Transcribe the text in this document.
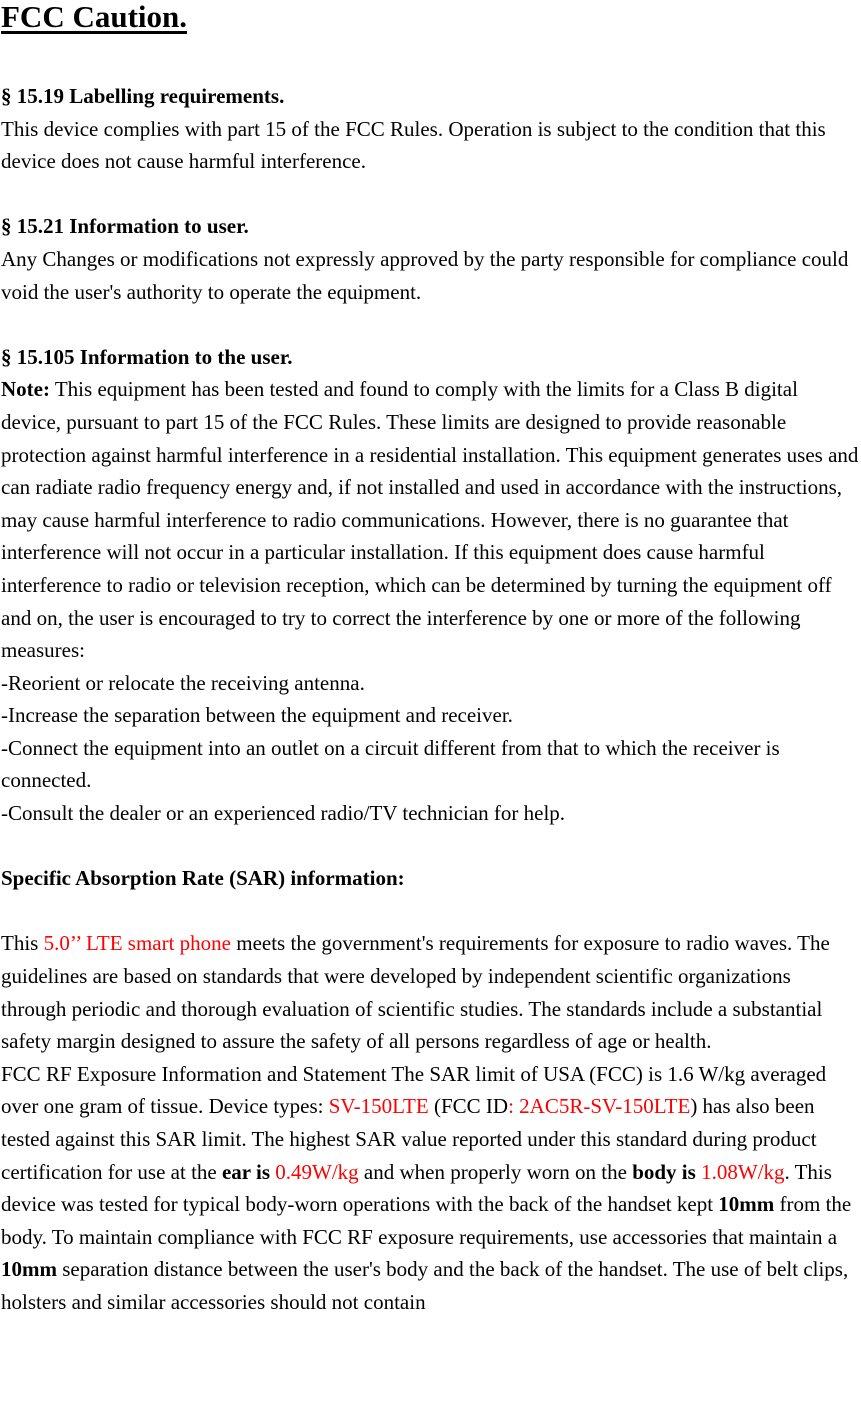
FCC Caution.

§ 15.19 Labelling requirements.

This device complies with part 15 of the FCC Rules. Operation is subject to the condition that this device does not cause harmful interference.

§ 15.21 Information to user.

Any Changes or modifications not expressly approved by the party responsible for compliance could void the user's authority to operate the equipment.

§ 15.105 Information to the user.

Note: This equipment has been tested and found to comply with the limits for a Class B digital device, pursuant to part 15 of the FCC Rules. These limits are designed to provide reasonable protection against harmful interference in a residential installation. This equipment generates uses and can radiate radio frequency energy and, if not installed and used in accordance with the instructions, may cause harmful interference to radio communications. However, there is no guarantee that interference will not occur in a particular installation. If this equipment does cause harmful interference to radio or television reception, which can be determined by turning the equipment off and on, the user is encouraged to try to correct the interference by one or more of the following measures:

-Reorient or relocate the receiving antenna.

-Increase the separation between the equipment and receiver.

-Connect the equipment into an outlet on a circuit different from that to which the receiver is connected.

-Consult the dealer or an experienced radio/TV technician for help.

Specific Absorption Rate (SAR) information:

This 5.0’’ LTE smart phone meets the government's requirements for exposure to radio waves. The guidelines are based on standards that were developed by independent scientific organizations through periodic and thorough evaluation of scientific studies. The standards include a substantial safety margin designed to assure the safety of all persons regardless of age or health.

FCC RF Exposure Information and Statement The SAR limit of USA (FCC) is 1.6 W/kg averaged over one gram of tissue. Device types: SV-150LTE (FCC ID: 2AC5R-SV-150LTE) has also been tested against this SAR limit. The highest SAR value reported under this standard during product certification for use at the ear is 0.49W/kg and when properly worn on the body is 1.08W/kg. This device was tested for typical body-worn operations with the back of the handset kept 10mm from the body. To maintain compliance with FCC RF exposure requirements, use accessories that maintain a 10mm separation distance between the user's body and the back of the handset. The use of belt clips, holsters and similar accessories should not contain
